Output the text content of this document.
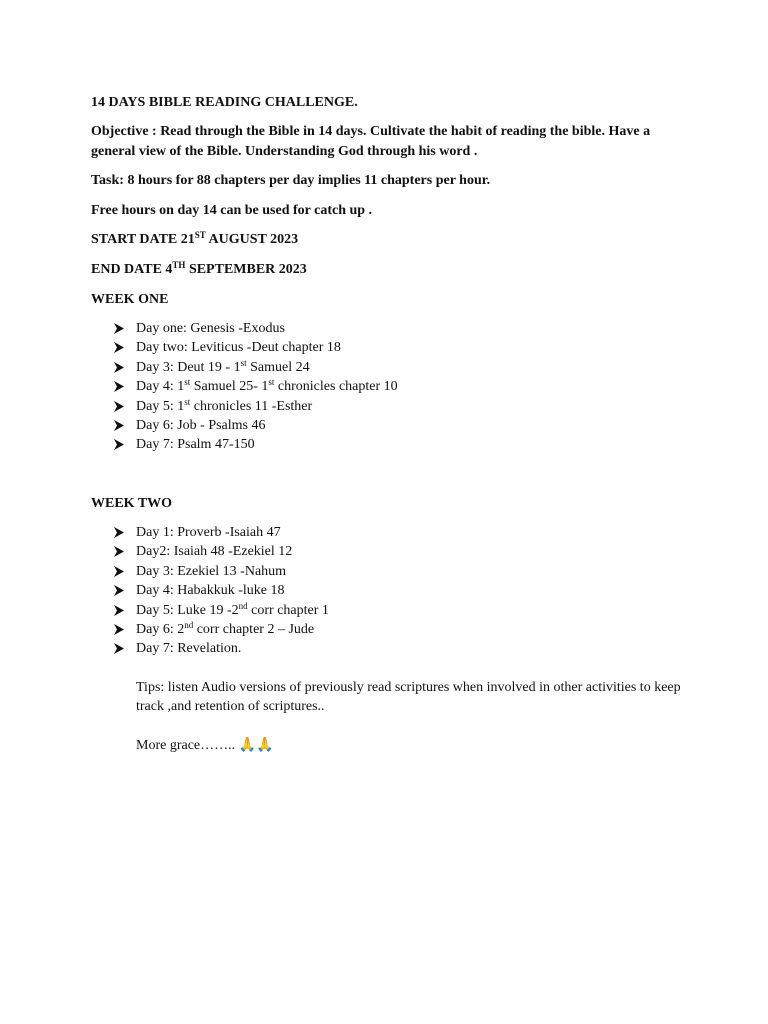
14 DAYS BIBLE READING CHALLENGE.
Objective : Read through the Bible in 14 days. Cultivate the habit of reading the bible. Have a general view of the Bible. Understanding God through his word .
Task: 8 hours for 88 chapters per day implies 11 chapters per hour.
Free hours on day 14 can be used for catch up .
START DATE 21ST AUGUST 2023
END DATE 4TH SEPTEMBER 2023
WEEK ONE
Day one: Genesis -Exodus
Day two: Leviticus -Deut chapter 18
Day 3: Deut 19 - 1st Samuel 24
Day 4: 1st Samuel 25- 1st chronicles chapter 10
Day 5: 1st chronicles 11 -Esther
Day 6: Job - Psalms 46
Day 7: Psalm 47-150
WEEK TWO
Day 1: Proverb -Isaiah 47
Day2: Isaiah 48 -Ezekiel 12
Day 3: Ezekiel 13 -Nahum
Day 4: Habakkuk -luke 18
Day 5: Luke 19 -2nd corr chapter 1
Day 6: 2nd corr chapter 2 – Jude
Day 7: Revelation.
Tips: listen Audio versions of previously read scriptures when involved in other activities to keep track ,and retention of scriptures..
More grace…….. 🙏🙏
